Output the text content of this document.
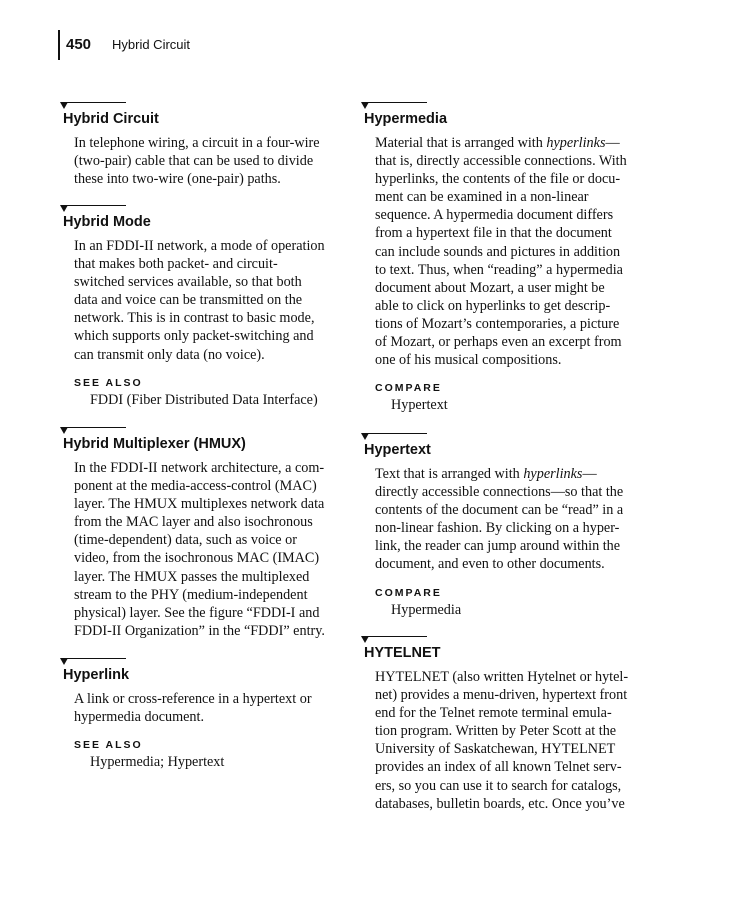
450 Hybrid Circuit
Hybrid Circuit

In telephone wiring, a circuit in a four-wire

(two-pair) cable that can be used to divide

these into two-wire (one-pair) paths.

Hybrid Mode

In an FDDI-II network, a mode of operation

that makes both packet- and circuit-

switched services available, so that both

data and voice can be transmitted on the

network. This is in contrast to basic mode,

which supports only packet-switching and

can transmit only data (no voice).

SEE ALSO
FDDI (Fiber Distributed Data Interface)
Hybrid Multiplexer (HMUX)

In the FDDI-II network architecture, a com-

ponent at the media-access-control (MAC)

layer. The HMUX multiplexes network data

from the MAC layer and also isochronous

(time-dependent) data, such as voice or

video, from the isochronous MAC (IMAC)

layer. The HMUX passes the multiplexed

stream to the PHY (medium-independent

physical) layer. See the figure “FDDI-I and

FDDI-II Organization” in the “FDDI” entry.

Hyperlink

A link or cross-reference in a hypertext or

hypermedia document.

SEE ALSO
Hypermedia; Hypertext
Hypermedia

Material that is arranged with hyperlinks—

that is, directly accessible connections. With

hyperlinks, the contents of the file or docu-

ment can be examined in a non-linear

sequence. A hypermedia document differs

from a hypertext file in that the document

can include sounds and pictures in addition

to text. Thus, when “reading” a hypermedia

document about Mozart, a user might be

able to click on hyperlinks to get descrip-

tions of Mozart’s contemporaries, a picture

of Mozart, or perhaps even an excerpt from

one of his musical compositions.

COMPARE
Hypertext
Hypertext

Text that is arranged with hyperlinks—

directly accessible connections—so that the

contents of the document can be “read” in a

non-linear fashion. By clicking on a hyper-

link, the reader can jump around within the

document, and even to other documents.

COMPARE
Hypermedia
HYTELNET

HYTELNET (also written Hytelnet or hytel-

net) provides a menu-driven, hypertext front

end for the Telnet remote terminal emula-

tion program. Written by Peter Scott at the

University of Saskatchewan, HYTELNET

provides an index of all known Telnet serv-

ers, so you can use it to search for catalogs,

databases, bulletin boards, etc. Once you’ve
